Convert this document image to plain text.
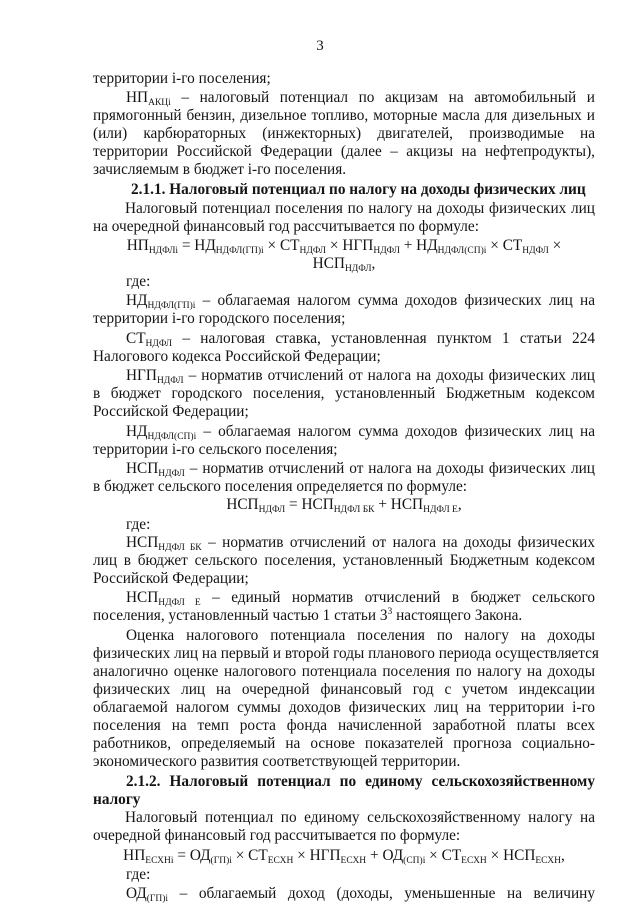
3
территории i-го поселения;
$НП_{АКЦi}$ – налоговый потенциал по акцизам на автомобильный и
прямогонный бензин, дизельное топливо, моторные масла для дизельных и
(или) карбюраторных (инжекторных) двигателей, производимые на
территории Российской Федерации (далее – акцизы на нефтепродукты),
зачисляемым в бюджет i-го поселения.
2.1.1. Налоговый потенциал по налогу на доходы физических лиц
Налоговый потенциал поселения по налогу на доходы физических лиц
на очередной финансовый год рассчитывается по формуле:
$НП_{НДФЛi} = НД_{НДФЛ(ГП)i} \times СТ_{НДФЛ} \times НГП_{НДФЛ} + НД_{НДФЛ(СП)i} \times СТ_{НДФЛ}$ ×
$НСП_{НДФЛ}$,
где:
$НД_{НДФЛ(ГП)i}$ – облагаемая налогом сумма доходов физических лиц на
территории i-го городского поселения;
$СТ_{НДФЛ}$ – налоговая ставка, установленная пунктом 1 статьи 224
Налогового кодекса Российской Федерации;
$НГП_{НДФЛ}$ – норматив отчислений от налога на доходы физических лиц
в бюджет городского поселения, установленный Бюджетным кодексом
Российской Федерации;
$НД_{НДФЛ(СП)i}$ – облагаемая налогом сумма доходов физических лиц на
территории i-го сельского поселения;
$НСП_{НДФЛ}$ – норматив отчислений от налога на доходы физических лиц
в бюджет сельского поселения определяется по формуле:
$НСП_{НДФЛ} = НСП_{НДФЛ БК} + НСП_{НДФЛ Е}$,
где:
$НСП_{НДФЛ БК}$ – норматив отчислений от налога на доходы физических
лиц в бюджет сельского поселения, установленный Бюджетным кодексом
Российской Федерации;
$НСП_{НДФЛ Е}$ – единый норматив отчислений в бюджет сельского
поселения, установленный частью 1 статьи $3^3$ настоящего Закона.
Оценка налогового потенциала поселения по налогу на доходы
физических лиц на первый и второй годы планового периода осуществляется
аналогично оценке налогового потенциала поселения по налогу на доходы
физических лиц на очередной финансовый год с учетом индексации
облагаемой налогом суммы доходов физических лиц на территории i-го
поселения на темп роста фонда начисленной заработной платы всех
работников, определяемый на основе показателей прогноза социально-
экономического развития соответствующей территории.
2.1.2. Налоговый потенциал по единому сельскохозяйственному
налогу
Налоговый потенциал по единому сельскохозяйственному налогу на
очередной финансовый год рассчитывается по формуле:
$НП_{ЕСХНi} = ОД_{(ГП)i} \times СТ_{ЕСХН} \times НГП_{ЕСХН} + ОД_{(СП)i} \times СТ_{ЕСХН} \times НСП_{ЕСХН}$,
где:
$ОД_{(ГП)i}$ – облагаемый доход (доходы, уменьшенные на величину
